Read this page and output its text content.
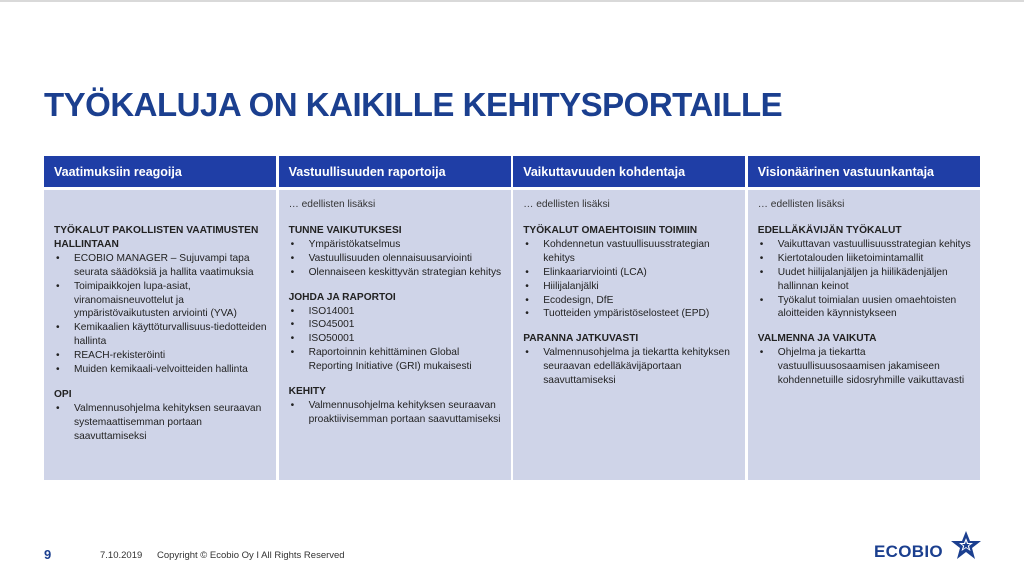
TYÖKALUJA ON KAIKILLE KEHITYSPORTAILLE
Vaatimuksiin reagoija
TYÖKALUT PAKOLLISTEN VAATIMUSTEN HALLINTAAN
• ECOBIO MANAGER – Sujuvampi tapa seurata säädöksiä ja hallita vaatimuksia
• Toimipaikkojen lupa-asiat, viranomaisneuvottelut ja ympäristövaikutusten arviointi (YVA)
• Kemikaalien käyttöturvallisuus-tiedotteiden hallinta
• REACH-rekisteröinti
• Muiden kemikaali-velvoitteiden hallinta
OPI
• Valmennusohjelma kehityksen seuraavan systemaattisemman portaan saavuttamiseksi
Vastuullisuuden raportoija
… edellisten lisäksi
TUNNE VAIKUTUKSESI
• Ympäristökatselmus
• Vastuullisuuden olennaisuusarviointi
• Olennaiseen keskittyvän strategian kehitys
JOHDA JA RAPORTOI
• ISO14001
• ISO45001
• ISO50001
• Raportoinnin kehittäminen Global Reporting Initiative (GRI) mukaisesti
KEHITY
• Valmennusohjelma kehityksen seuraavan proaktiivisemman portaan saavuttamiseksi
Vaikuttavuuden kohdentaja
… edellisten lisäksi
TYÖKALUT OMAEHTOISIIN TOIMIIN
• Kohdennetun vastuullisuusstrategian kehitys
• Elinkaariarviointi (LCA)
• Hiilijalanjälki
• Ecodesign, DfE
• Tuotteiden ympäristöselosteet (EPD)
PARANNA JATKUVASTI
• Valmennusohjelma ja tiekartta kehityksen seuraavan edelläkävijäportaan saavuttamiseksi
Visionäärinen vastuunkantaja
… edellisten lisäksi
EDELLÄKÄVIJÄN TYÖKALUT
• Vaikuttavan vastuullisuusstrategian kehitys
• Kiertotalouden liiketoimintamallit
• Uudet hiilijalanjäljen ja hiilikädenjäljen hallinnan keinot
• Työkalut toimialan uusien omaehtoisten aloitteiden käynnistykseen
VALMENNA JA VAIKUTA
• Ohjelma ja tiekartta vastuullisuusosaamisen jakamiseen kohdennetuille sidosryhmille vaikuttavasti
9	7.10.2019 Copyright © Ecobio Oy I All Rights Reserved	ECOBIO
